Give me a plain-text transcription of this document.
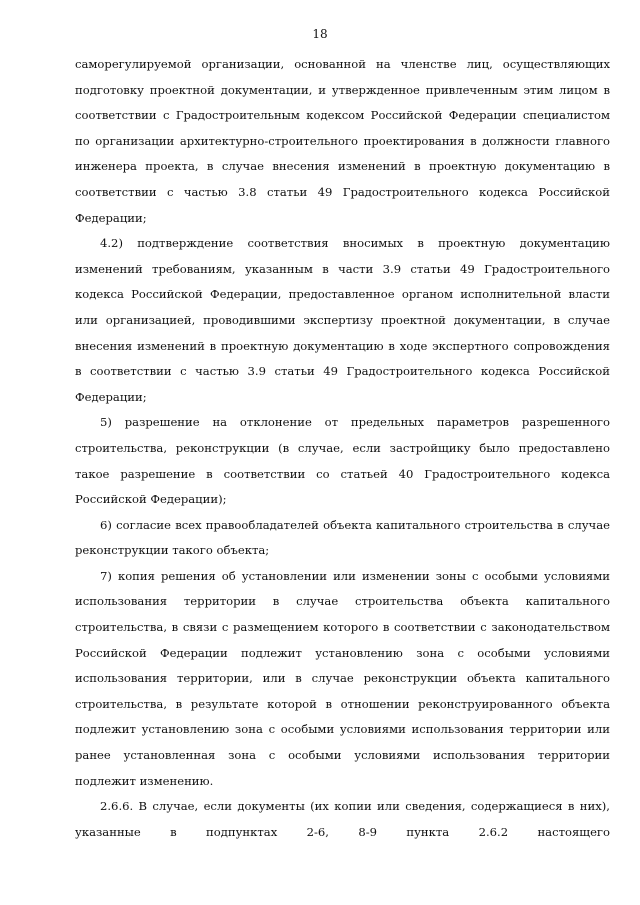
18

саморегулируемой организации, основанной на членстве лиц, осуществляющих подготовку проектной документации, и утвержденное привлеченным этим лицом в соответствии с Градостроительным кодексом Российской Федерации специалистом по организации архитектурно-строительного проектирования в должности главного инженера проекта, в случае внесения изменений в проектную документацию в соответствии с частью 3.8 статьи 49 Градостроительного кодекса Российской Федерации;

4.2) подтверждение соответствия вносимых в проектную документацию изменений требованиям, указанным в части 3.9 статьи 49 Градостроительного кодекса Российской Федерации, предоставленное органом исполнительной власти или организацией, проводившими экспертизу проектной документации, в случае внесения изменений в проектную документацию в ходе экспертного сопровождения в соответствии с частью 3.9 статьи 49 Градостроительного кодекса Российской Федерации;

5) разрешение на отклонение от предельных параметров разрешенного строительства, реконструкции (в случае, если застройщику было предоставлено такое разрешение в соответствии со статьей 40 Градостроительного кодекса Российской Федерации);

6) согласие всех правообладателей объекта капитального строительства в случае реконструкции такого объекта;

7) копия решения об установлении или изменении зоны с особыми условиями использования территории в случае строительства объекта капитального строительства, в связи с размещением которого в соответствии с законодательством Российской Федерации подлежит установлению зона с особыми условиями использования территории, или в случае реконструкции объекта капитального строительства, в результате которой в отношении реконструированного объекта подлежит установлению зона с особыми условиями использования территории или ранее установленная зона с особыми условиями использования территории подлежит изменению.

2.6.6. В случае, если документы (их копии или сведения, содержащиеся в них), указанные в подпунктах 2-6, 8-9 пункта 2.6.2 настоящего
